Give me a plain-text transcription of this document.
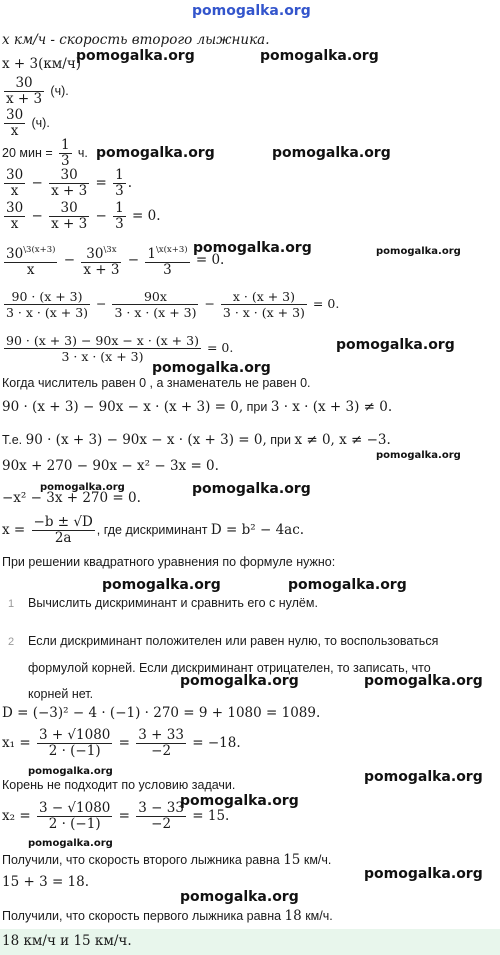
pomogalka.org
x км/ч - скорость второго лыжника.
x + 3(км/ч)
$\frac{30}{x + 3} (ч)$.
$\frac{30}{x} (ч)$.
20 мин = $\frac{1}{3} ч$.
$\frac{30}{x} - \frac{30}{x + 3} = \frac{1}{3}$ .
$\frac{30}{x} - \frac{30}{x + 3} - \frac{1}{3} = 0$.
$\frac{30^{\backslash 3(x+3)}}{x} - \frac{30^{\backslash 3x}}{x + 3} - \frac{1^{\backslash x(x+3)}}{3} = 0$.
$\frac{90 \cdot (x + 3)}{3 \cdot x \cdot (x + 3)} - \frac{90x}{3 \cdot x \cdot (x + 3)} - \frac{x \cdot (x + 3)}{3 \cdot x \cdot (x + 3)} = 0$.
$\frac{90 \cdot (x + 3) - 90x - x \cdot (x + 3)}{3 \cdot x \cdot (x + 3)} = 0$.
Когда числитель равен 0 , а знаменатель не равен 0.
90 · (x + 3) − 90x − x · (x + 3) = 0, при 3 · x · (x + 3) ≠ 0.
Т.е. 90 · (x + 3) − 90x − x · (x + 3) = 0, при x ≠ 0, x ≠ −3.
90x + 270 − 90x − x² − 3x = 0.
−x² − 3x + 270 = 0.
$x = \frac{-b \pm √D}{2a}$ , где дискриминант D = b² − 4ac.
При решении квадратного уравнения по формуле нужно:
1 Вычислить дискриминант и сравнить его с нулём.
2 Если дискриминант положителен или равен нулю, то воспользоваться
формулой корней. Если дискриминант отрицателен, то записать, что
корней нет.
D = (−3)² − 4 · (−1) · 270 = 9 + 1080 = 1089.
$x_1 = \frac{3 + √1080}{2 \cdot (-1)} = \frac{3 + 33}{-2} = -18$.
Корень не подходит по условию задачи.
$x_2 = \frac{3 - √1080}{2 \cdot (-1)} = \frac{3 - 33}{-2} = 15$.
Получили, что скорость второго лыжника равна 15 км/ч.
15 + 3 = 18.
Получили, что скорость первого лыжника равна 18 км/ч.
18 км/ч и 15 км/ч.
pomogalka.org	pomogalka.org
pomogalka.org	pomogalka.org
pomogalka.org	pomogalka.org
pomogalka.org
pomogalka.org
pomogalka.org
pomogalka.org
pomogalka.org
pomogalka.org	pomogalka.org
pomogalka.org	pomogalka.org
pomogalka.org	pomogalka.org
pomogalka.org
pomogalka.org
pomogalka.org
pomogalka.org
